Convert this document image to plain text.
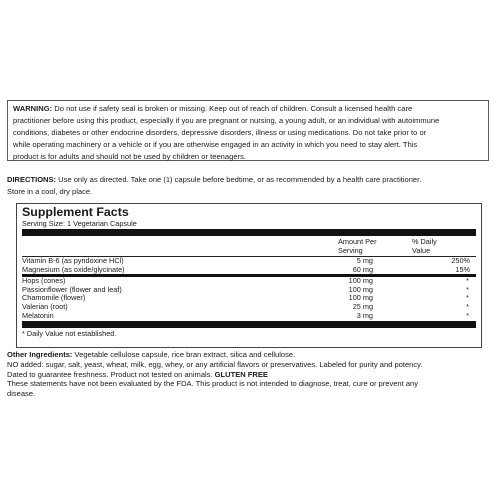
WARNING: Do not use if safety seal is broken or missing. Keep out of reach of children. Consult a licensed health care
practitioner before using this product, especially if you are pregnant or nursing, a young adult, or an individual with autoimmune
conditions, diabetes or other endocrine disorders, depressive disorders, illness or using medications. Do not take prior to or
while operating machinery or a vehicle or if you are otherwise engaged in an activity in which you need to stay alert. This
product is for adults and should not be used by children or teenagers.
DIRECTIONS: Use only as directed. Take one (1) capsule before bedtime, or as recommended by a health care practitioner.
Store in a cool, dry place.
Supplement Facts
Serving Size: 1 Vegetarian Capsule
Amount Per
Serving
% Daily
Value
Vitamin B-6 (as pyridoxine HCl)	5 mg	250%
Magnesium (as oxide/glycinate)	60 mg	15%
Hops (cones)	100 mg	*
Passionflower (flower and leaf)	100 mg	*
Chamomile (flower)	100 mg	*
Valerian (root)	25 mg	*
Melatonin	3 mg	*
* Daily Value not established.
Other Ingredients: Vegetable cellulose capsule, rice bran extract, silica and cellulose.
NO added: sugar, salt, yeast, wheat, milk, egg, whey, or any artificial flavors or preservatives. Labeled for purity and potency.
Dated to guarantee freshness. Product not tested on animals. GLUTEN FREE
These statements have not been evaluated by the FDA. This product is not intended to diagnose, treat, cure or prevent any
disease.
